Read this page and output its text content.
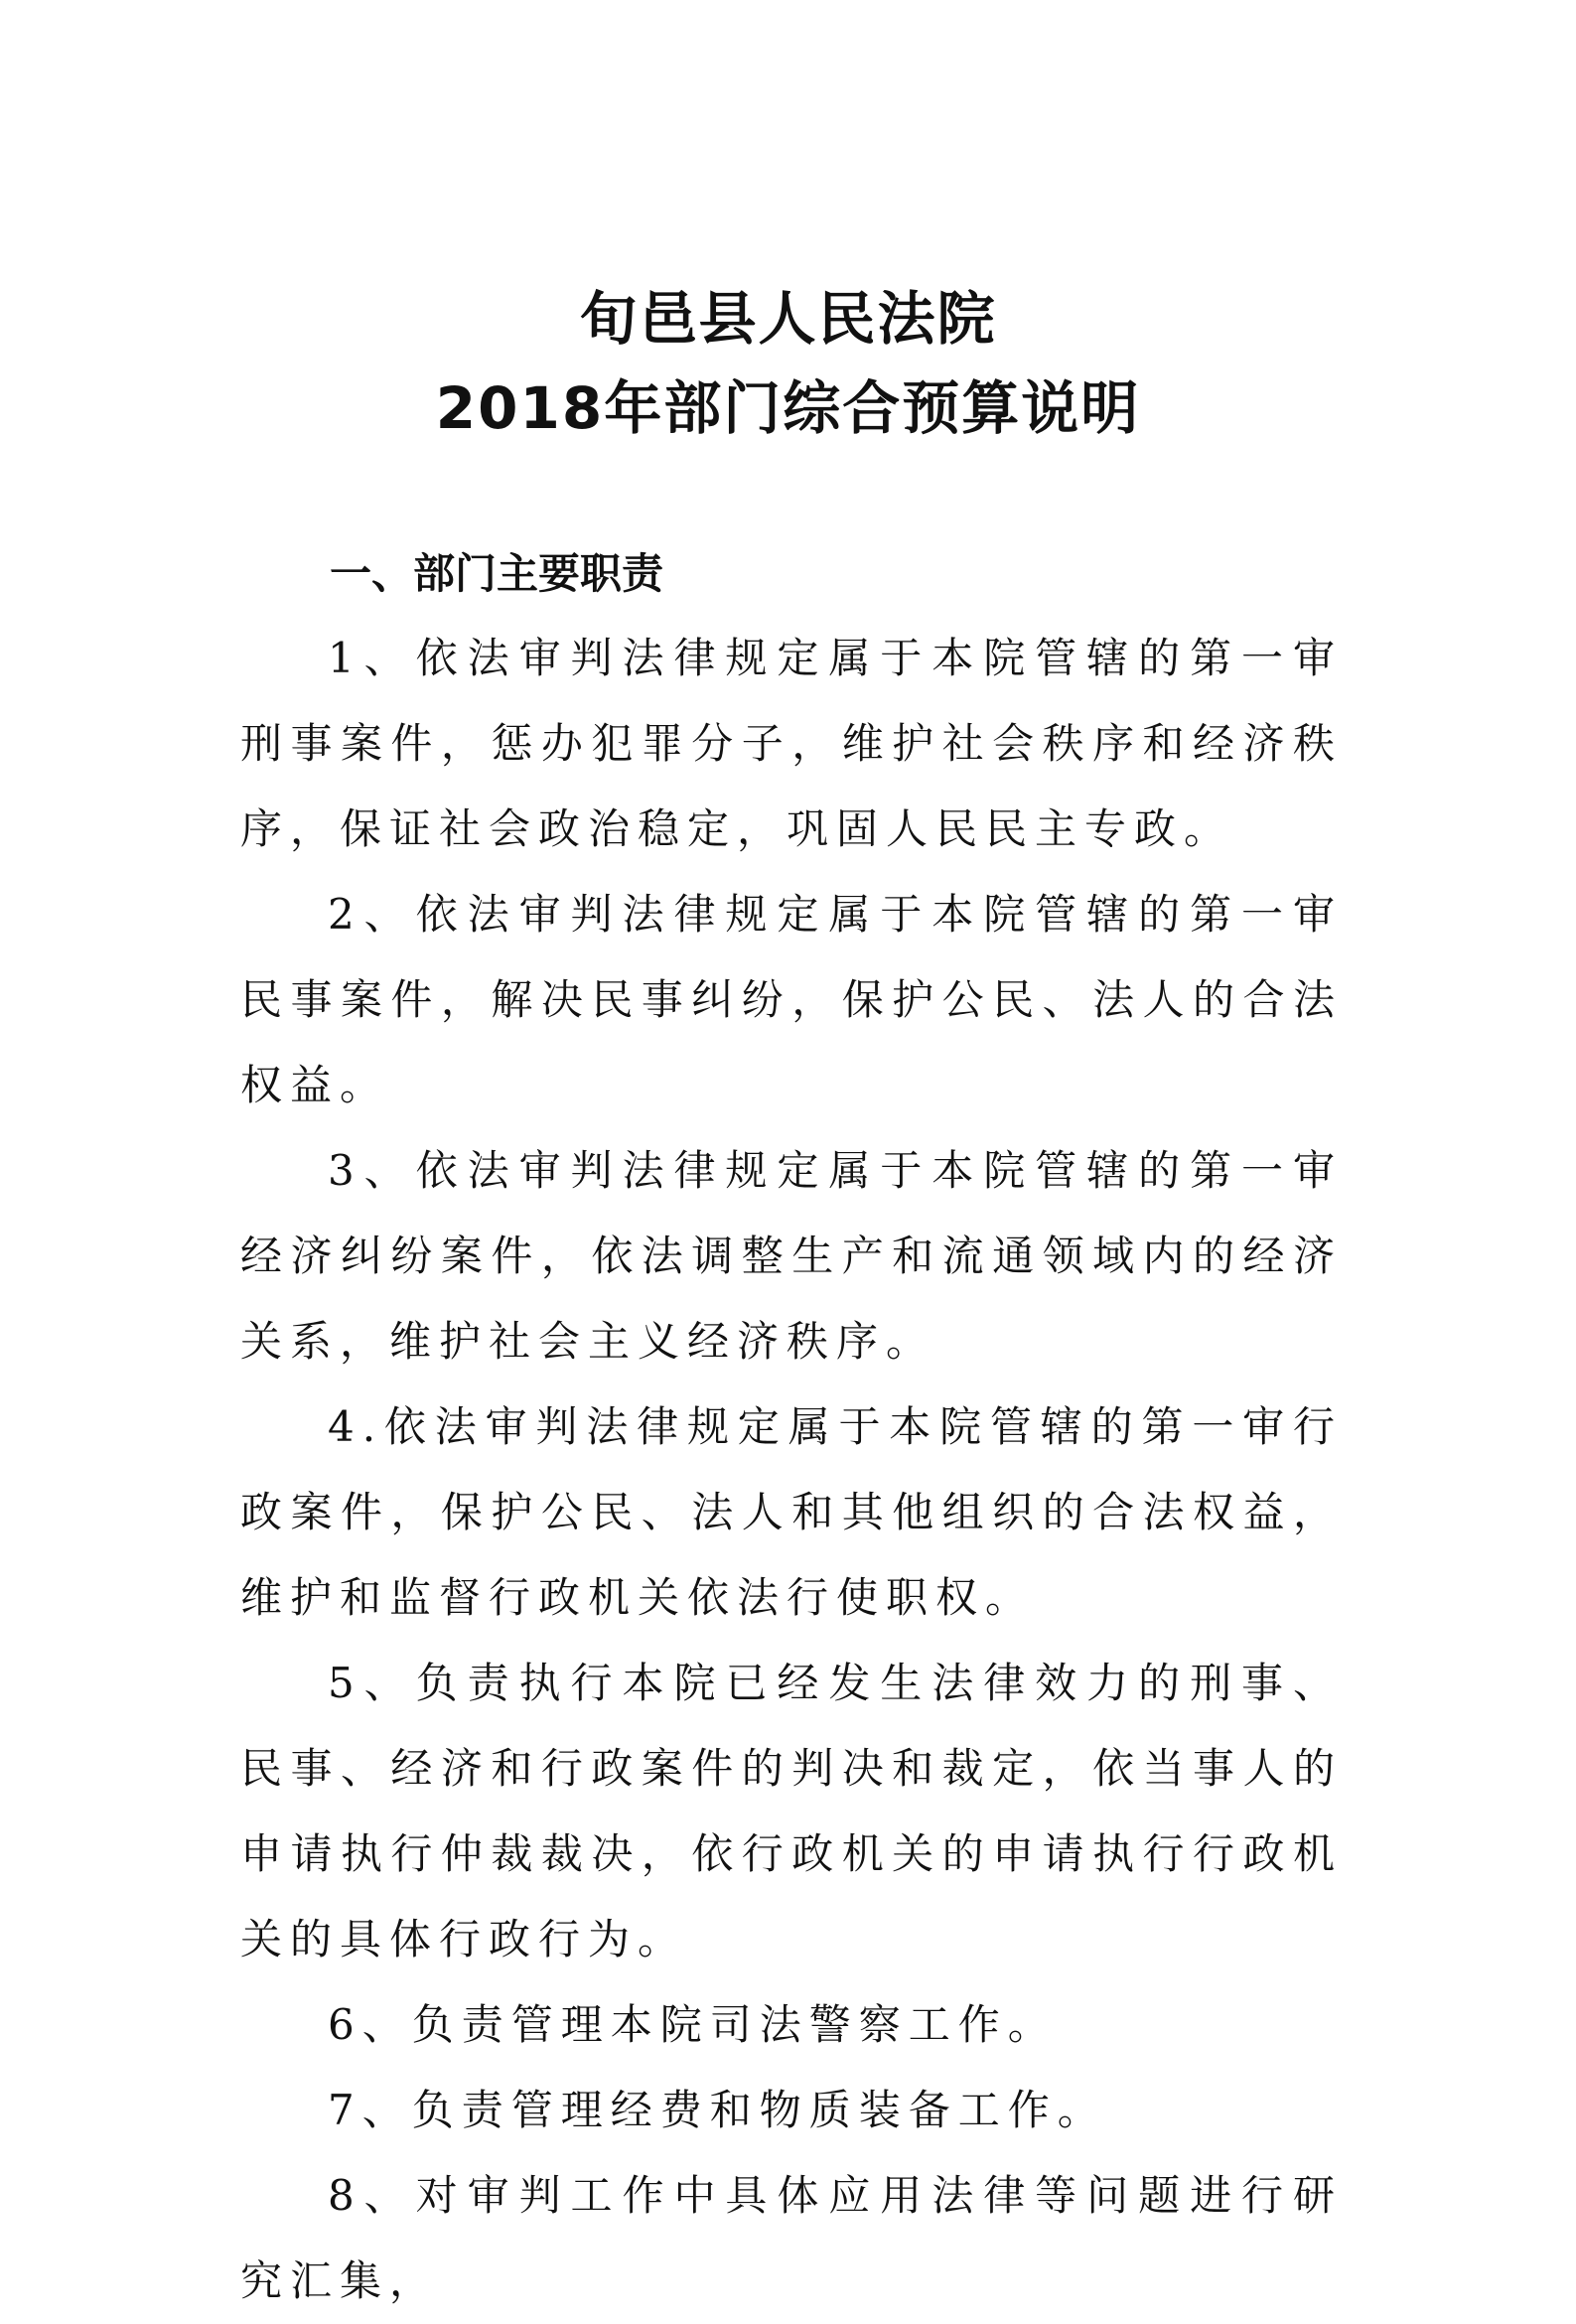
旬邑县人民法院
2018年部门综合预算说明
一、部门主要职责

1、依法审判法律规定属于本院管辖的第一审刑事案件，惩办犯罪分子，维护社会秩序和经济秩序，保证社会政治稳定，巩固人民民主专政。

2、依法审判法律规定属于本院管辖的第一审民事案件，解决民事纠纷，保护公民、法人的合法权益。

3、依法审判法律规定属于本院管辖的第一审经济纠纷案件，依法调整生产和流通领域内的经济关系，维护社会主义经济秩序。

4.依法审判法律规定属于本院管辖的第一审行政案件，保护公民、法人和其他组织的合法权益，维护和监督行政机关依法行使职权。

5、负责执行本院已经发生法律效力的刑事、民事、经济和行政案件的判决和裁定，依当事人的申请执行仲裁裁决，依行政机关的申请执行行政机关的具体行政行为。

6、负责管理本院司法警察工作。

7、负责管理经费和物质装备工作。

8、对审判工作中具体应用法律等问题进行研究汇集，
